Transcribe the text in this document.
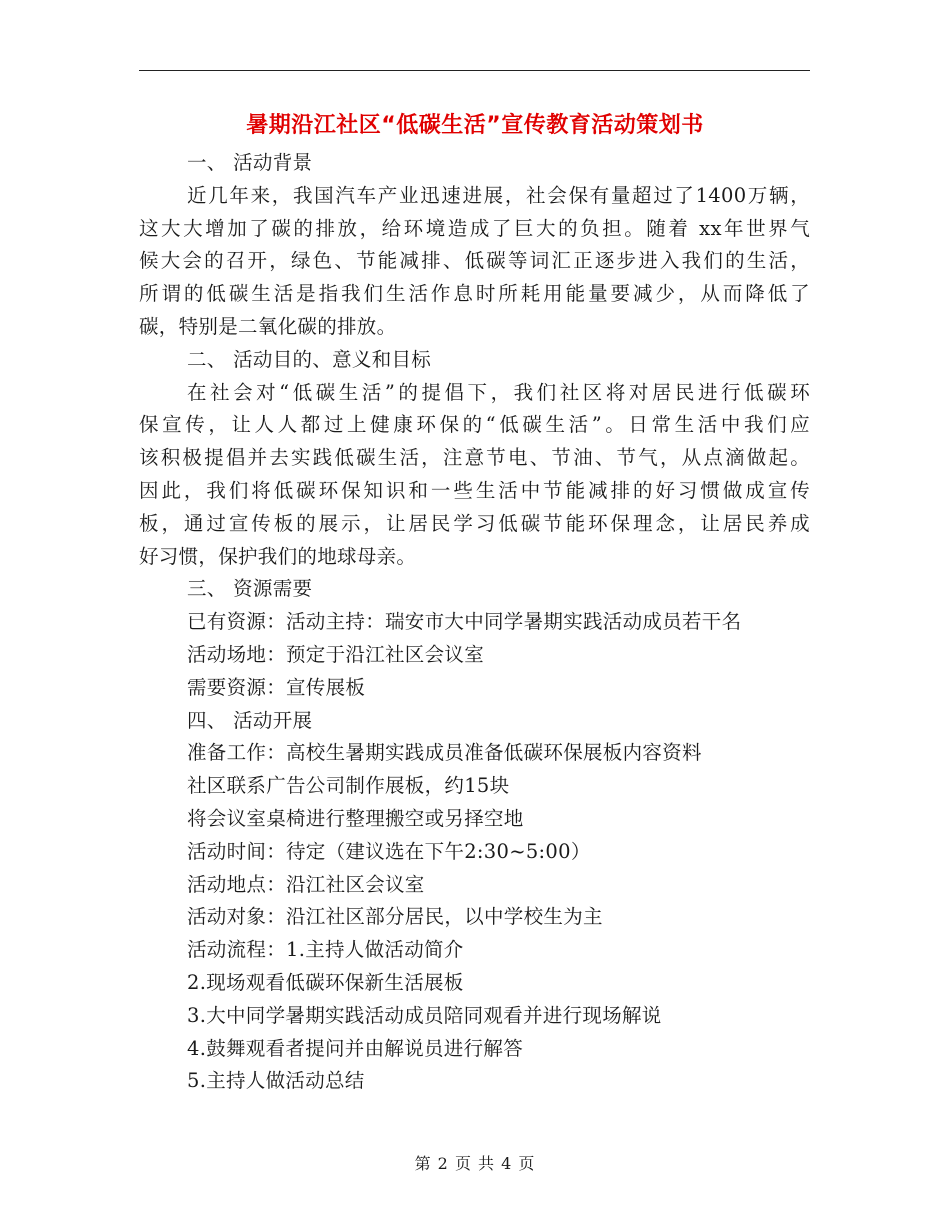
暑期沿江社区“低碳生活”宣传教育活动策划书
一、 活动背景
近几年来，我国汽车产业迅速进展，社会保有量超过了1400万辆，
这大大增加了碳的排放，给环境造成了巨大的负担。随着 xx年世界气
候大会的召开，绿色、节能减排、低碳等词汇正逐步进入我们的生活，
所谓的低碳生活是指我们生活作息时所耗用能量要减少，从而降低了
碳，特别是二氧化碳的排放。
二、 活动目的、意义和目标
在社会对“低碳生活”的提倡下，我们社区将对居民进行低碳环
保宣传，让人人都过上健康环保的“低碳生活”。日常生活中我们应
该积极提倡并去实践低碳生活，注意节电、节油、节气，从点滴做起。
因此，我们将低碳环保知识和一些生活中节能减排的好习惯做成宣传
板，通过宣传板的展示，让居民学习低碳节能环保理念，让居民养成
好习惯，保护我们的地球母亲。
三、 资源需要
已有资源：活动主持：瑞安市大中同学暑期实践活动成员若干名
活动场地：预定于沿江社区会议室
需要资源：宣传展板
四、 活动开展
准备工作：高校生暑期实践成员准备低碳环保展板内容资料
社区联系广告公司制作展板，约15块
将会议室桌椅进行整理搬空或另择空地
活动时间：待定（建议选在下午2:30~5:00）
活动地点：沿江社区会议室
活动对象：沿江社区部分居民，以中学校生为主
活动流程：1.主持人做活动简介
2.现场观看低碳环保新生活展板
3.大中同学暑期实践活动成员陪同观看并进行现场解说
4.鼓舞观看者提问并由解说员进行解答
5.主持人做活动总结
第 2 页 共 4 页
